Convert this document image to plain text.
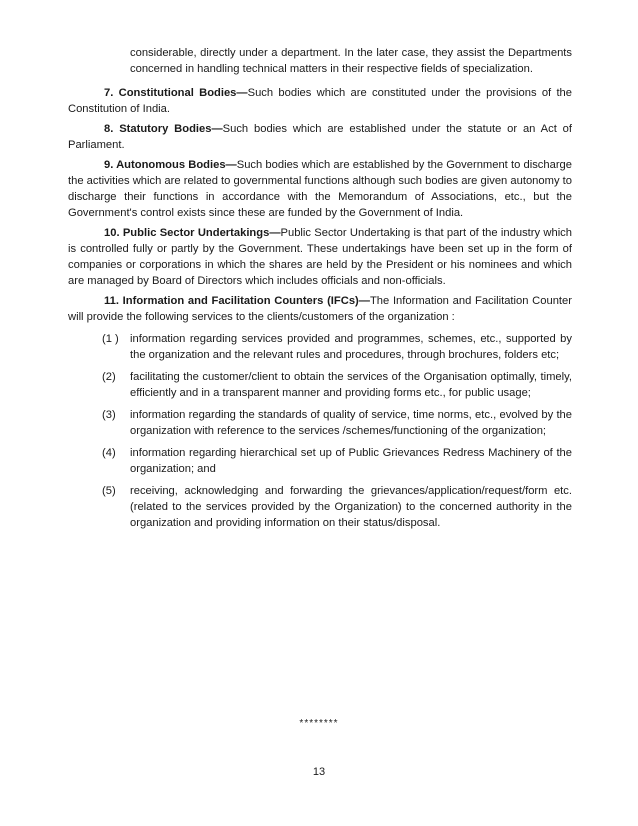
considerable, directly under a department. In the later case, they assist the Departments concerned in handling technical matters in their respective fields of specialization.

7. Constitutional Bodies—Such bodies which are constituted under the provisions of the Constitution of India.

8. Statutory Bodies—Such bodies which are established under the statute or an Act of Parliament.

9. Autonomous Bodies—Such bodies which are established by the Government to discharge the activities which are related to governmental functions although such bodies are given autonomy to discharge their functions in accordance with the Memorandum of Associations, etc., but the Government's control exists since these are funded by the Government of India.

10. Public Sector Undertakings—Public Sector Undertaking is that part of the industry which is controlled fully or partly by the Government. These undertakings have been set up in the form of companies or corporations in which the shares are held by the President or his nominees and which are managed by Board of Directors which includes officials and non-officials.

11. Information and Facilitation Counters (IFCs)—The Information and Facilitation Counter will provide the following services to the clients/customers of the organization :

(1 )	information regarding services provided and programmes, schemes, etc., supported by the organization and the relevant rules and procedures, through brochures, folders etc;
(2)	facilitating the customer/client to obtain the services of the Organisation optimally, timely, efficiently and in a transparent manner and providing forms etc., for public usage;
(3)	information regarding the standards of quality of service, time norms, etc., evolved by the organization with reference to the services /schemes/functioning of the organization;
(4)	information regarding hierarchical set up of Public Grievances Redress Machinery of the organization; and
(5)	receiving, acknowledging and forwarding the grievances/application/request/form etc. (related to the services provided by the Organization) to the concerned authority in the organization and providing information on their status/disposal.
********
13
